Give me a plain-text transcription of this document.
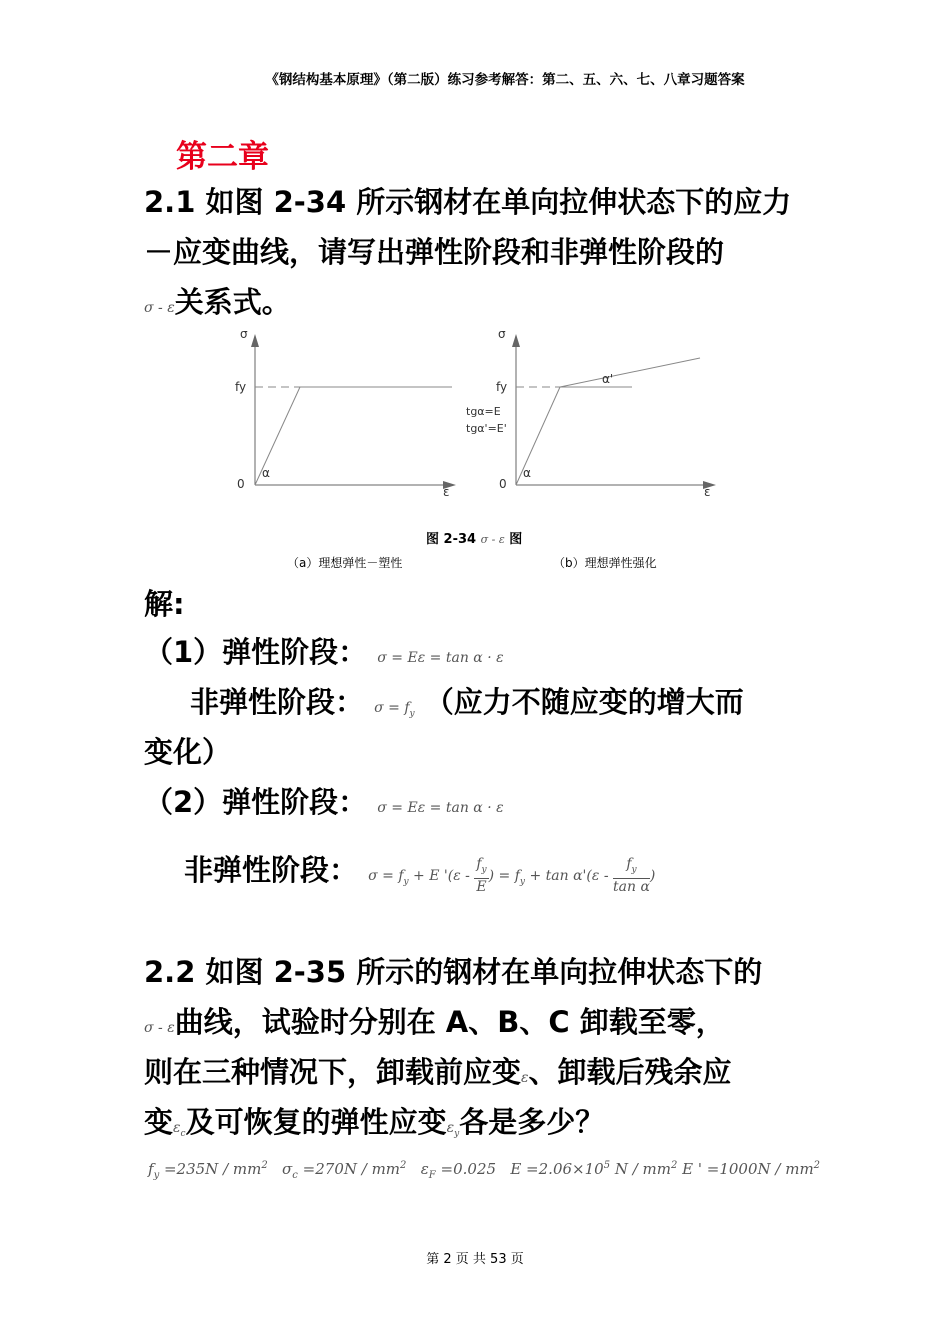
《钢结构基本原理》（第二版）练习参考解答：第二、五、六、七、八章习题答案
第二章
2.1 如图 2-34 所示钢材在单向拉伸状态下的应力
－应变曲线，请写出弹性阶段和非弹性阶段的
σ - ε关系式。
σ
fy
0
α
ε
tgα=E
tgα'=E'
σ
fy
0
α
α'
ε
图 2-34 σ - ε 图
（a）理想弹性－塑性	（b）理想弹性强化
解:
（1）弹性阶段： σ = Eε = tan α · ε
非弹性阶段： $\sigma = f_y$ （应力不随应变的增大而
变化）
（2）弹性阶段： σ = Eε = tan α · ε
非弹性阶段： $\sigma = f_y + E$ '($\varepsilon - \frac{f_y}{E}$ ) = $f_y + \tan \alpha'(\varepsilon - \frac{f_y}{\text{tan α}}$ )
2.2 如图 2-35 所示的钢材在单向拉伸状态下的
σ - ε曲线，试验时分别在 A、B、C 卸载至零，
则在三种情况下，卸载前应变ε、卸载后残余应
变$\varepsilon_c$及可恢复的弹性应变$\varepsilon_y$各是多少？
$f_y =235N / mm^2$ $\sigma_c =270N / mm^2$ $\varepsilon_F =0.025$ $E =2.06\times 10^5$ N / $mm^2$ E ' $=1000N / mm^2$
第 2 页 共 53 页
